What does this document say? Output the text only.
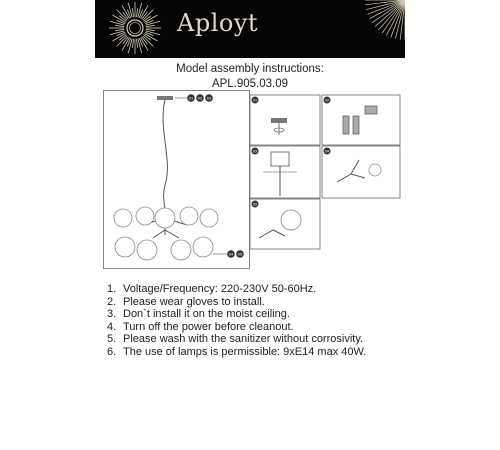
Aployt
Model assembly instructions:
APL.905.03.09
01 02 03
04 05
01	02
03	04
05
1. Voltage/Frequency: 220-230V 50-60Hz.
2. Please wear gloves to install.
3. Don`t install it on the moist ceiling.
4. Turn off the power before cleanout.
5. Please wash with the sanitizer without corrosivity.
6. The use of lamps is permissible: 9xE14 max 40W.
